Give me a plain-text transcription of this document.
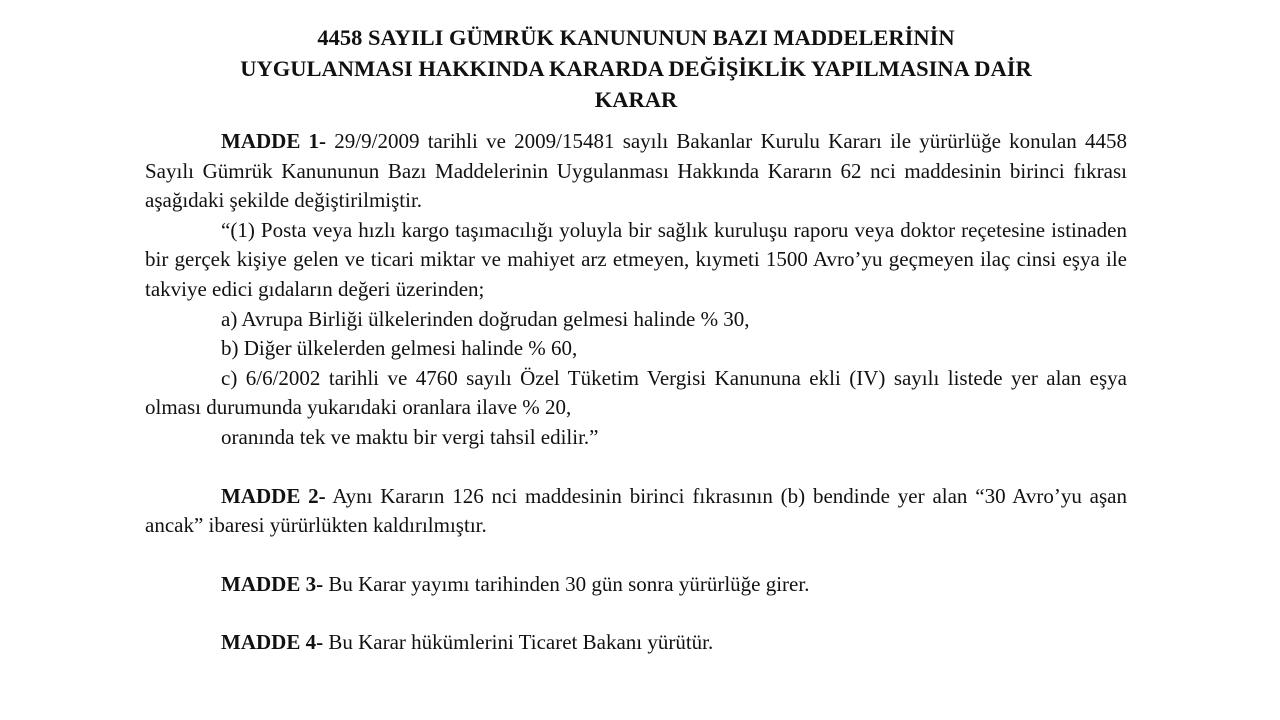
4458 SAYILI GÜMRÜK KANUNUNUN BAZI MADDELERİNİN
UYGULANMASI HAKKINDA KARARDA DEĞİŞİKLİK YAPILMASINA DAİR
KARAR

MADDE 1- 29/9/2009 tarihli ve 2009/15481 sayılı Bakanlar Kurulu Kararı ile yürürlüğe konulan 4458 Sayılı Gümrük Kanununun Bazı Maddelerinin Uygulanması Hakkında Kararın 62 nci maddesinin birinci fıkrası aşağıdaki şekilde değiştirilmiştir.

“(1) Posta veya hızlı kargo taşımacılığı yoluyla bir sağlık kuruluşu raporu veya doktor reçetesine istinaden bir gerçek kişiye gelen ve ticari miktar ve mahiyet arz etmeyen, kıymeti 1500 Avro’yu geçmeyen ilaç cinsi eşya ile takviye edici gıdaların değeri üzerinden;

a) Avrupa Birliği ülkelerinden doğrudan gelmesi halinde % 30,

b) Diğer ülkelerden gelmesi halinde % 60,

c) 6/6/2002 tarihli ve 4760 sayılı Özel Tüketim Vergisi Kanununa ekli (IV) sayılı listede yer alan eşya olması durumunda yukarıdaki oranlara ilave % 20,

oranında tek ve maktu bir vergi tahsil edilir.”

MADDE 2- Aynı Kararın 126 nci maddesinin birinci fıkrasının (b) bendinde yer alan “30 Avro’yu aşan ancak” ibaresi yürürlükten kaldırılmıştır.

MADDE 3- Bu Karar yayımı tarihinden 30 gün sonra yürürlüğe girer.

MADDE 4- Bu Karar hükümlerini Ticaret Bakanı yürütür.
